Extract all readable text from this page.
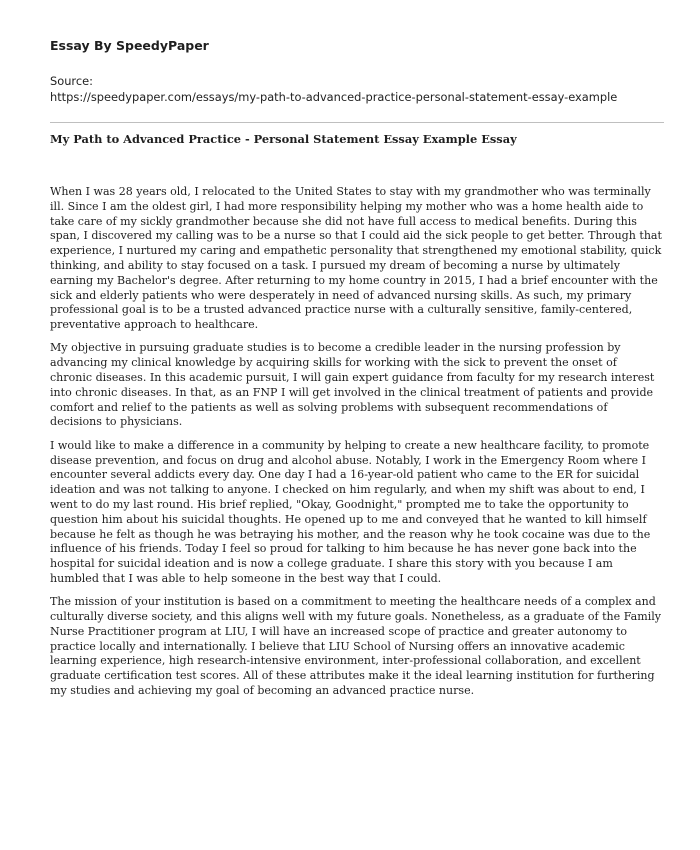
Essay By SpeedyPaper

Source:

https://speedypaper.com/essays/my-path-to-advanced-practice-personal-statement-essay-example
My Path to Advanced Practice - Personal Statement Essay Example Essay

When I was 28 years old, I relocated to the United States to stay with my grandmother who was terminally ill. Since I am the oldest girl, I had more responsibility helping my mother who was a home health aide to take care of my sickly grandmother because she did not have full access to medical benefits. During this span, I discovered my calling was to be a nurse so that I could aid the sick people to get better. Through that experience, I nurtured my caring and empathetic personality that strengthened my emotional stability, quick thinking, and ability to stay focused on a task. I pursued my dream of becoming a nurse by ultimately earning my Bachelor's degree. After returning to my home country in 2015, I had a brief encounter with the sick and elderly patients who were desperately in need of advanced nursing skills. As such, my primary professional goal is to be a trusted advanced practice nurse with a culturally sensitive, family-centered, preventative approach to healthcare.

My objective in pursuing graduate studies is to become a credible leader in the nursing profession by advancing my clinical knowledge by acquiring skills for working with the sick to prevent the onset of chronic diseases. In this academic pursuit, I will gain expert guidance from faculty for my research interest into chronic diseases. In that, as an FNP I will get involved in the clinical treatment of patients and provide comfort and relief to the patients as well as solving problems with subsequent recommendations of decisions to physicians.

I would like to make a difference in a community by helping to create a new healthcare facility, to promote disease prevention, and focus on drug and alcohol abuse. Notably, I work in the Emergency Room where I encounter several addicts every day. One day I had a 16-year-old patient who came to the ER for suicidal ideation and was not talking to anyone. I checked on him regularly, and when my shift was about to end, I went to do my last round. His brief replied, "Okay, Goodnight," prompted me to take the opportunity to question him about his suicidal thoughts. He opened up to me and conveyed that he wanted to kill himself because he felt as though he was betraying his mother, and the reason why he took cocaine was due to the influence of his friends. Today I feel so proud for talking to him because he has never gone back into the hospital for suicidal ideation and is now a college graduate. I share this story with you because I am humbled that I was able to help someone in the best way that I could.

The mission of your institution is based on a commitment to meeting the healthcare needs of a complex and culturally diverse society, and this aligns well with my future goals. Nonetheless, as a graduate of the Family Nurse Practitioner program at LIU, I will have an increased scope of practice and greater autonomy to practice locally and internationally. I believe that LIU School of Nursing offers an innovative academic learning experience, high research-intensive environment, inter-professional collaboration, and excellent graduate certification test scores. All of these attributes make it the ideal learning institution for furthering my studies and achieving my goal of becoming an advanced practice nurse.
